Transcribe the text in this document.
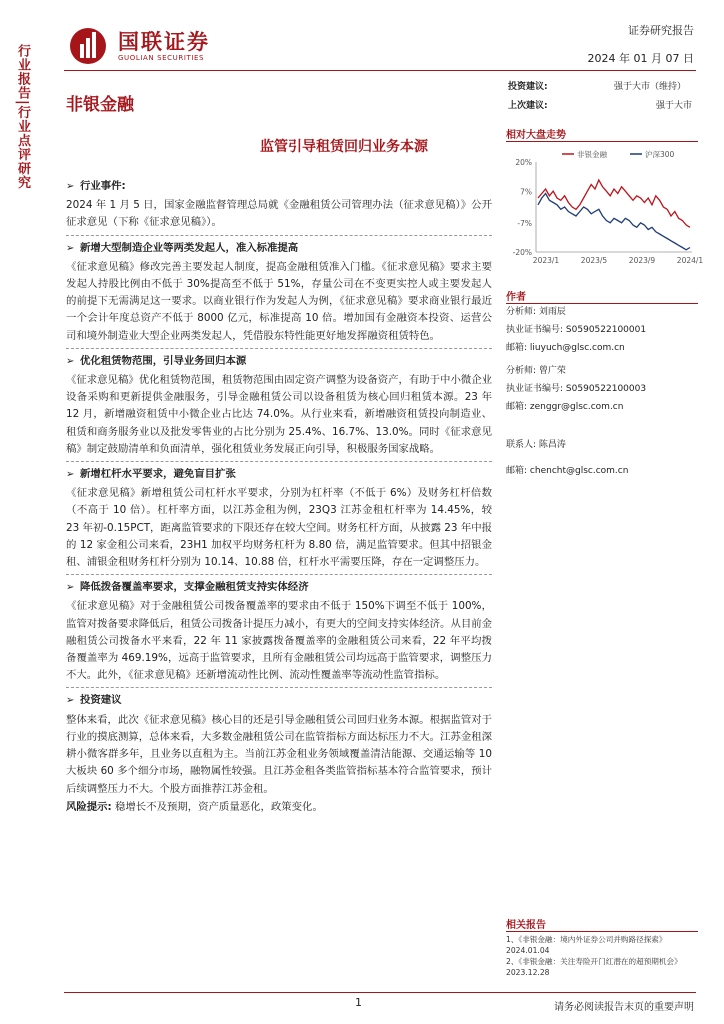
行业报告|行业点评研究
国联证券
GUOLIAN SECURITIES
证券研究报告
2024 年 01 月 07 日
非银金融
监管引导租赁回归业务本源
投资建议:	强于大市（维持）
上次建议:	强于大市
相对大盘走势
非银金融	沪深300
20%
7%
-7%
-20%
2023/1	2023/5	2023/9	2024/1
作者
分析师: 刘雨辰
执业证书编号: S0590522100001
邮箱: liuyuch@glsc.com.cn
分析师: 曾广荣
执业证书编号: S0590522100003
邮箱: zenggr@glsc.com.cn
联系人: 陈昌涛
邮箱: chencht@glsc.com.cn
➢ 行业事件:
2024 年 1 月 5 日，国家金融监督管理总局就《金融租赁公司管理办法（征求意见稿）》公开征求意见（下称《征求意见稿》）。
➢ 新增大型制造企业等两类发起人，准入标准提高
《征求意见稿》修改完善主要发起人制度，提高金融租赁准入门槛。《征求意见稿》要求主要发起人持股比例由不低于 30%提高至不低于 51%，存量公司在不变更实控人或主要发起人的前提下无需满足这一要求。以商业银行作为发起人为例，《征求意见稿》要求商业银行最近一个会计年度总资产不低于 8000 亿元，标准提高 10 倍。增加国有金融资本投资、运营公司和境外制造业大型企业两类发起人，凭借股东特性能更好地发挥融资租赁特色。
➢ 优化租赁物范围，引导业务回归本源
《征求意见稿》优化租赁物范围，租赁物范围由固定资产调整为设备资产，有助于中小微企业设备采购和更新提供金融服务，引导金融租赁公司以设备租赁为核心回归租赁本源。23 年 12 月，新增融资租赁中小微企业占比达 74.0%。从行业来看，新增融资租赁投向制造业、租赁和商务服务业以及批发零售业的占比分别为 25.4%、16.7%、13.0%。同时《征求意见稿》制定鼓励清单和负面清单，强化租赁业务发展正向引导，积极服务国家战略。
➢ 新增杠杆水平要求，避免盲目扩张
《征求意见稿》新增租赁公司杠杆水平要求，分别为杠杆率（不低于 6%）及财务杠杆倍数（不高于 10 倍）。杠杆率方面，以江苏金租为例，23Q3 江苏金租杠杆率为 14.45%，较 23 年初-0.15PCT，距离监管要求的下限还存在较大空间。财务杠杆方面，从披露 23 年中报的 12 家金租公司来看，23H1 加权平均财务杠杆为 8.80 倍，满足监管要求。但其中招银金租、浦银金租财务杠杆分别为 10.14、10.88 倍，杠杆水平需要压降，存在一定调整压力。
➢ 降低拨备覆盖率要求，支撑金融租赁支持实体经济
《征求意见稿》对于金融租赁公司拨备覆盖率的要求由不低于 150%下调至不低于 100%，监管对拨备要求降低后，租赁公司拨备计提压力减小，有更大的空间支持实体经济。从目前金融租赁公司拨备水平来看，22 年 11 家披露拨备覆盖率的金融租赁公司来看，22 年平均拨备覆盖率为 469.19%，远高于监管要求，且所有金融租赁公司均远高于监管要求，调整压力不大。此外，《征求意见稿》还新增流动性比例、流动性覆盖率等流动性监管指标。
➢ 投资建议
整体来看，此次《征求意见稿》核心目的还是引导金融租赁公司回归业务本源。根据监管对于行业的摸底测算，总体来看，大多数金融租赁公司在监管指标方面达标压力不大。江苏金租深耕小微客群多年，且业务以直租为主。当前江苏金租业务领域覆盖清洁能源、交通运输等 10 大板块 60 多个细分市场，融物属性较强。且江苏金租各类监管指标基本符合监管要求，预计后续调整压力不大。个股方面推荐江苏金租。
风险提示: 稳增长不及预期，资产质量恶化，政策变化。
相关报告
1、《非银金融：境内外证券公司并购路径探索》2024.01.04
2、《非银金融：关注寿险开门红潜在的超预期机会》2023.12.28
1	请务必阅读报告末页的重要声明
